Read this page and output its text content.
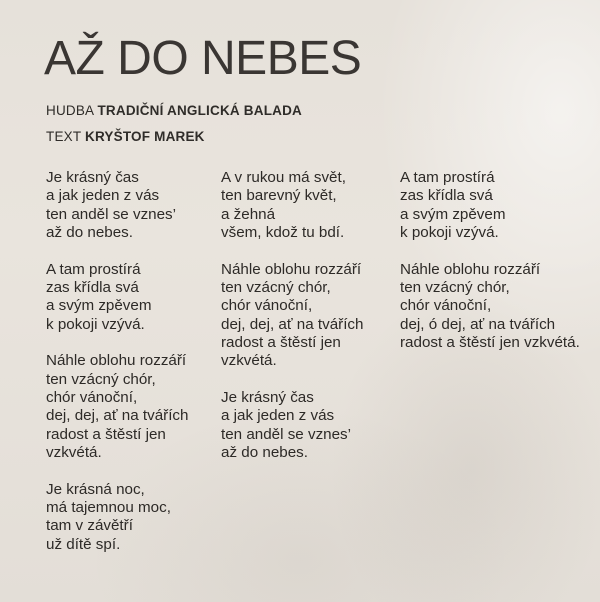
AŽ DO NEBES
HUDBA TRADIČNÍ ANGLICKÁ BALADA
TEXT KRYŠTOF MAREK
Je krásný čas
a jak jeden z vás
ten anděl se vznes’
až do nebes.
A tam prostírá
zas křídla svá
a svým zpěvem
k pokoji vzývá.
Náhle oblohu rozzáří
ten vzácný chór,
chór vánoční,
dej, dej, ať na tvářích
radost a štěstí jen
vzkvétá.
Je krásná noc,
má tajemnou moc,
tam v závětří
už dítě spí.
A v rukou má svět,
ten barevný květ,
a žehná
všem, kdož tu bdí.
Náhle oblohu rozzáří
ten vzácný chór,
chór vánoční,
dej, dej, ať na tvářích
radost a štěstí jen
vzkvétá.
Je krásný čas
a jak jeden z vás
ten anděl se vznes’
až do nebes.
A tam prostírá
zas křídla svá
a svým zpěvem
k pokoji vzývá.
Náhle oblohu rozzáří
ten vzácný chór,
chór vánoční,
dej, ó dej, ať na tvářích
radost a štěstí jen vzkvétá.
